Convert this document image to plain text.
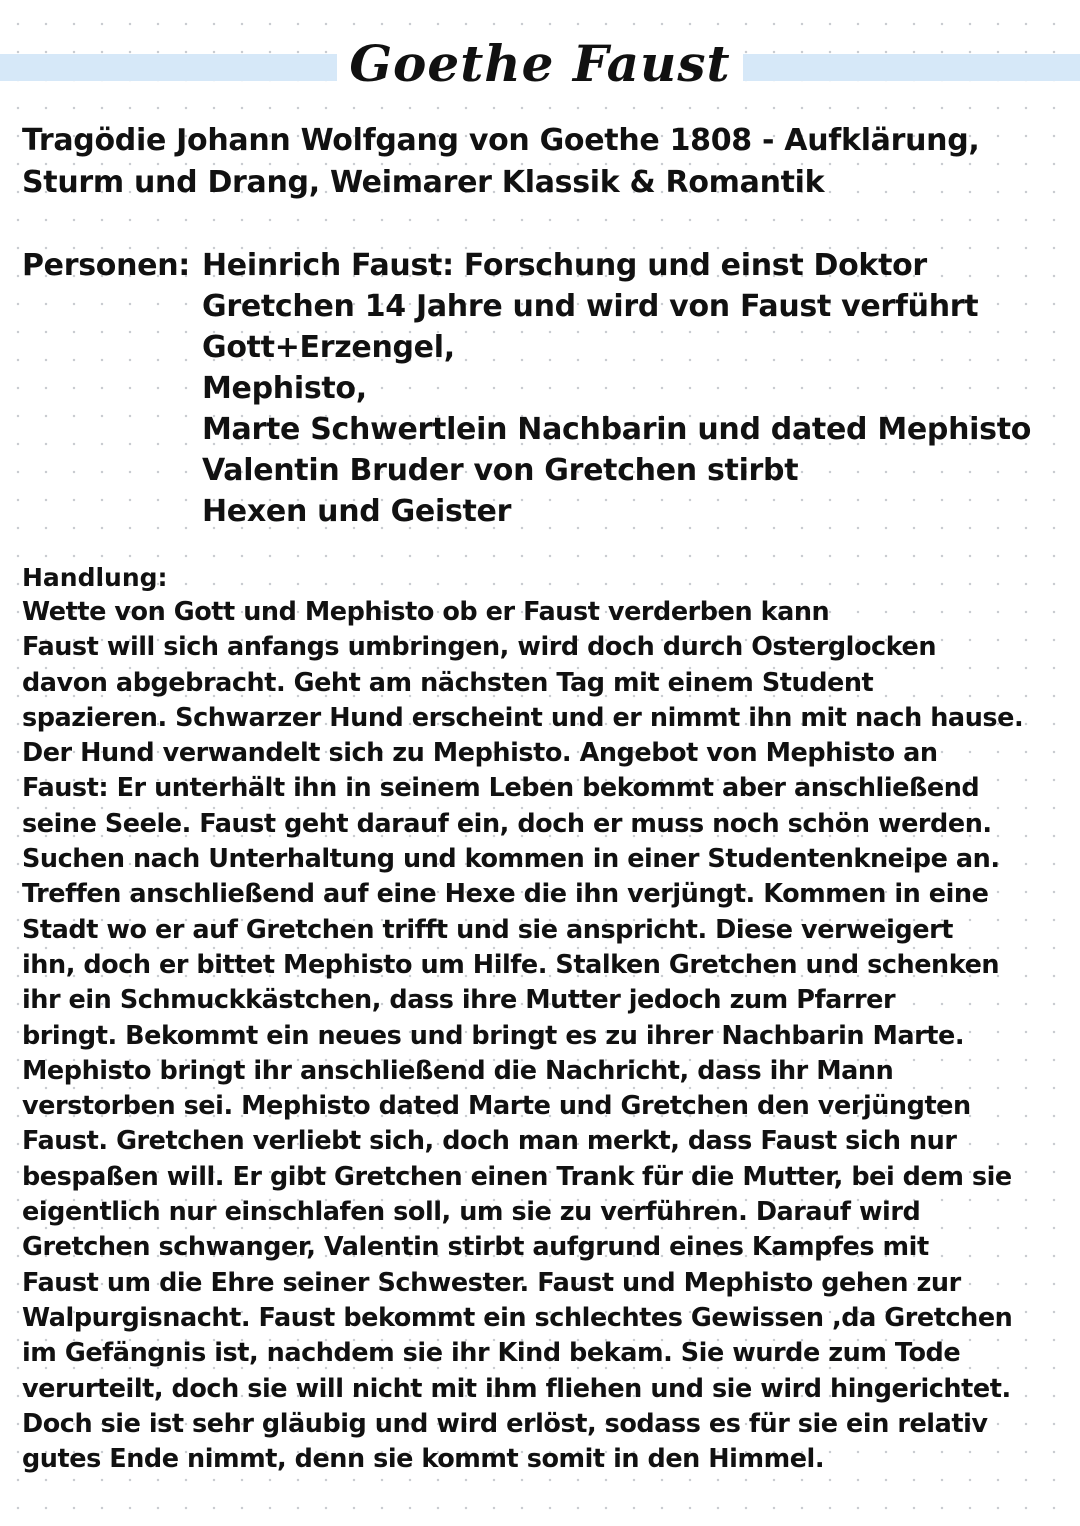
Goethe Faust
Tragödie Johann Wolfgang von Goethe 1808 - Aufklärung,
Sturm und Drang, Weimarer Klassik & Romantik
Personen: Heinrich Faust: Forschung und einst Doktor
Gretchen 14 Jahre und wird von Faust verführt
Gott+Erzengel,
Mephisto,
Marte Schwertlein Nachbarin und dated Mephisto
Valentin Bruder von Gretchen stirbt
Hexen und Geister
Handlung:
Wette von Gott und Mephisto ob er Faust verderben kann
Faust will sich anfangs umbringen, wird doch durch Osterglocken
davon abgebracht. Geht am nächsten Tag mit einem Student
spazieren. Schwarzer Hund erscheint und er nimmt ihn mit nach hause.
Der Hund verwandelt sich zu Mephisto. Angebot von Mephisto an
Faust: Er unterhält ihn in seinem Leben bekommt aber anschließend
seine Seele. Faust geht darauf ein, doch er muss noch schön werden.
Suchen nach Unterhaltung und kommen in einer Studentenkneipe an.
Treffen anschließend auf eine Hexe die ihn verjüngt. Kommen in eine
Stadt wo er auf Gretchen trifft und sie anspricht. Diese verweigert
ihn, doch er bittet Mephisto um Hilfe. Stalken Gretchen und schenken
ihr ein Schmuckkästchen, dass ihre Mutter jedoch zum Pfarrer
bringt. Bekommt ein neues und bringt es zu ihrer Nachbarin Marte.
Mephisto bringt ihr anschließend die Nachricht, dass ihr Mann
verstorben sei. Mephisto dated Marte und Gretchen den verjüngten
Faust. Gretchen verliebt sich, doch man merkt, dass Faust sich nur
bespaßen will. Er gibt Gretchen einen Trank für die Mutter, bei dem sie
eigentlich nur einschlafen soll, um sie zu verführen. Darauf wird
Gretchen schwanger, Valentin stirbt aufgrund eines Kampfes mit
Faust um die Ehre seiner Schwester. Faust und Mephisto gehen zur
Walpurgisnacht. Faust bekommt ein schlechtes Gewissen ,da Gretchen
im Gefängnis ist, nachdem sie ihr Kind bekam. Sie wurde zum Tode
verurteilt, doch sie will nicht mit ihm fliehen und sie wird hingerichtet.
Doch sie ist sehr gläubig und wird erlöst, sodass es für sie ein relativ
gutes Ende nimmt, denn sie kommt somit in den Himmel.
